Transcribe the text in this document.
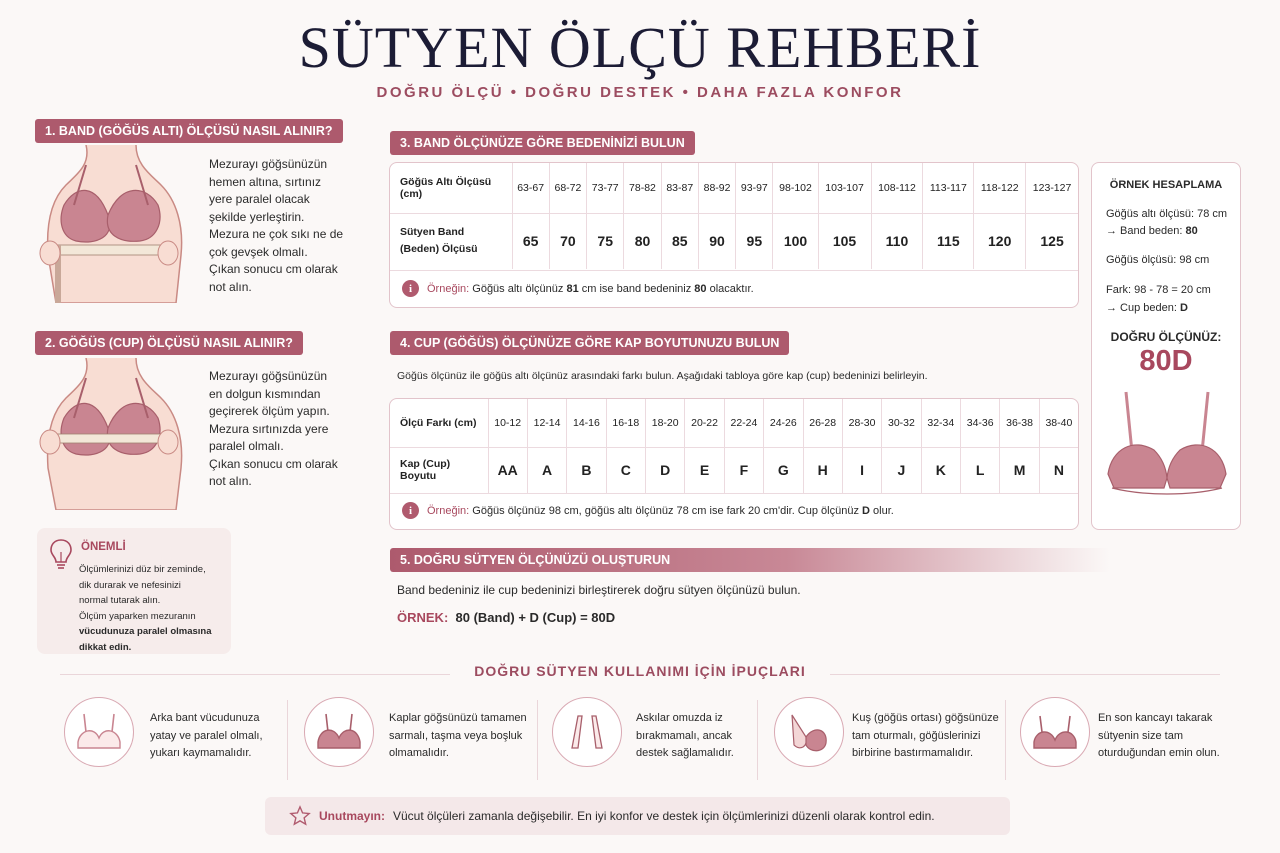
SÜTYEN ÖLÇÜ REHBERİ
DOĞRU ÖLÇÜ • DOĞRU DESTEK • DAHA FAZLA KONFOR
1. BAND (GÖĞÜS ALTI) ÖLÇÜSÜ NASIL ALINIR?
Mezurayı göğsünüzün
hemen altına, sırtınız
yere paralel olacak
şekilde yerleştirin.
Mezura ne çok sıkı ne de
çok gevşek olmalı.
Çıkan sonucu cm olarak
not alın.
2. GÖĞÜS (CUP) ÖLÇÜSÜ NASIL ALINIR?
Mezurayı göğsünüzün
en dolgun kısmından
geçirerek ölçüm yapın.
Mezura sırtınızda yere
paralel olmalı.
Çıkan sonucu cm olarak
not alın.
ÖNEMLİ
Ölçümlerinizi düz bir zeminde,
dik durarak ve nefesinizi
normal tutarak alın.
Ölçüm yaparken mezuranın
vücudunuza paralel olmasına
dikkat edin.
3. BAND ÖLÇÜNÜZE GÖRE BEDENİNİZİ BULUN
Göğüs Altı Ölçüsü (cm)	63-67	68-72	73-77	78-82	83-87	88-92	93-97	98-102	103-107	108-112	113-117	118-122	123-127

Sütyen Band
(Beden) Ölçüsü	65	70	75	80	85	90	95	100	105	110	115	120	125
i	Örneğin: Göğüs altı ölçünüz 81 cm ise band bedeniniz 80 olacaktır.
4. CUP (GÖĞÜS) ÖLÇÜNÜZE GÖRE KAP BOYUTUNUZU BULUN
Göğüs ölçünüz ile göğüs altı ölçünüz arasındaki farkı bulun. Aşağıdaki tabloya göre kap (cup) bedeninizi belirleyin.
Ölçü Farkı (cm)	10-12	12-14	14-16	16-18	18-20	20-22	22-24	24-26	26-28	28-30	30-32	32-34	34-36	36-38	38-40
Kap (Cup) Boyutu	AA	A	B	C	D	E	F	G	H	I	J	K	L	M	N
i	Örneğin: Göğüs ölçünüz 98 cm, göğüs altı ölçünüz 78 cm ise fark 20 cm'dir. Cup ölçünüz D olur.
ÖRNEK HESAPLAMA
Göğüs altı ölçüsü: 78 cm
→ Band beden: 80
Göğüs ölçüsü: 98 cm
Fark: 98 - 78 = 20 cm
→ Cup beden: D
DOĞRU ÖLÇÜNÜZ:
80D
5. DOĞRU SÜTYEN ÖLÇÜNÜZÜ OLUŞTURUN
Band bedeniniz ile cup bedeninizi birleştirerek doğru sütyen ölçünüzü bulun.
ÖRNEK: 80 (Band) + D (Cup) = 80D
DOĞRU SÜTYEN KULLANIMI İÇİN İPUÇLARI
Arka bant vücudunuza
yatay ve paralel olmalı,
yukarı kaymamalıdır.
Kaplar göğsünüzü tamamen
sarmalı, taşma veya boşluk
olmamalıdır.
Askılar omuzda iz
bırakmamalı, ancak
destek sağlamalıdır.
Kuş (göğüs ortası) göğsünüze
tam oturmalı, göğüslerinizi
birbirine bastırmamalıdır.
En son kancayı takarak
sütyenin size tam
oturduğundan emin olun.
Unutmayın: Vücut ölçüleri zamanla değişebilir. En iyi konfor ve destek için ölçümlerinizi düzenli olarak kontrol edin.
